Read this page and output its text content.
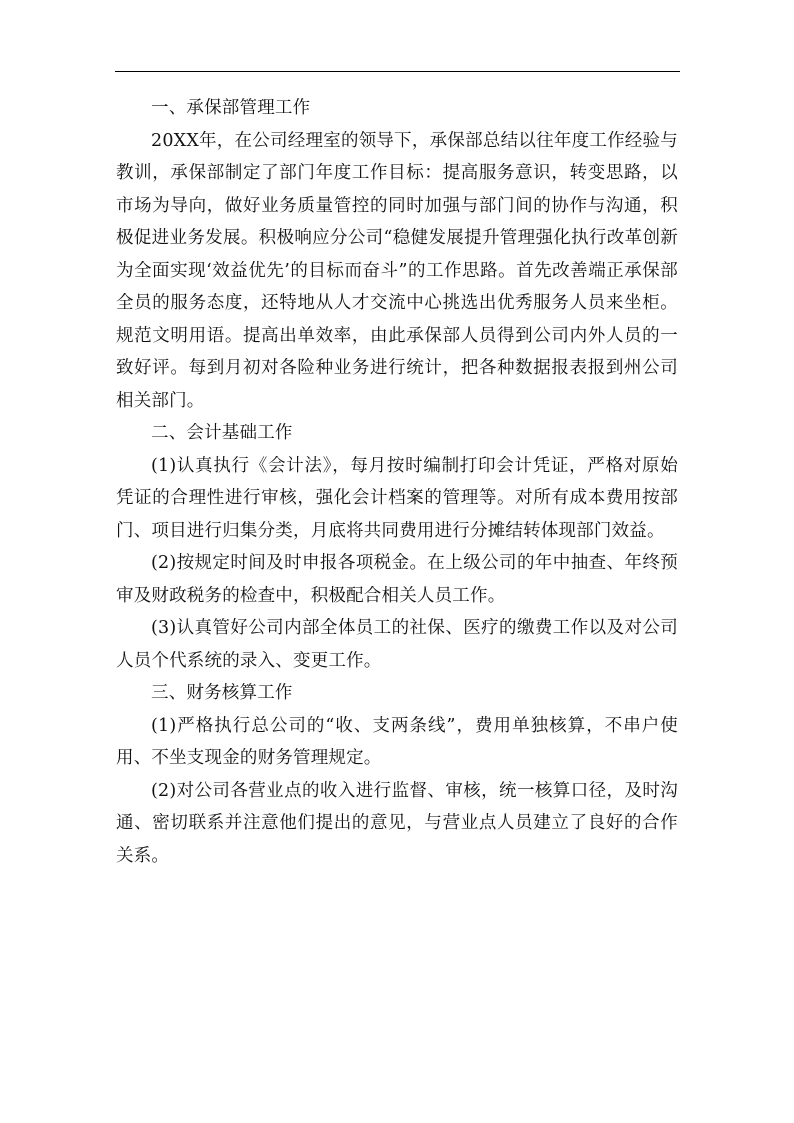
一、承保部管理工作

20XX年，在公司经理室的领导下，承保部总结以往年度工作经验与教训，承保部制定了部门年度工作目标：提高服务意识，转变思路，以市场为导向，做好业务质量管控的同时加强与部门间的协作与沟通，积极促进业务发展。积极响应分公司“稳健发展提升管理强化执行改革创新为全面实现‘效益优先’的目标而奋斗”的工作思路。首先改善端正承保部全员的服务态度，还特地从人才交流中心挑选出优秀服务人员来坐柜。规范文明用语。提高出单效率，由此承保部人员得到公司内外人员的一致好评。每到月初对各险种业务进行统计，把各种数据报表报到州公司相关部门。

二、会计基础工作

(1)认真执行《会计法》，每月按时编制打印会计凭证，严格对原始凭证的合理性进行审核，强化会计档案的管理等。对所有成本费用按部门、项目进行归集分类，月底将共同费用进行分摊结转体现部门效益。

(2)按规定时间及时申报各项税金。在上级公司的年中抽查、年终预审及财政税务的检查中，积极配合相关人员工作。

(3)认真管好公司内部全体员工的社保、医疗的缴费工作以及对公司人员个代系统的录入、变更工作。

三、财务核算工作

(1)严格执行总公司的“收、支两条线”，费用单独核算，不串户使用、不坐支现金的财务管理规定。

(2)对公司各营业点的收入进行监督、审核，统一核算口径，及时沟通、密切联系并注意他们提出的意见，与营业点人员建立了良好的合作关系。
